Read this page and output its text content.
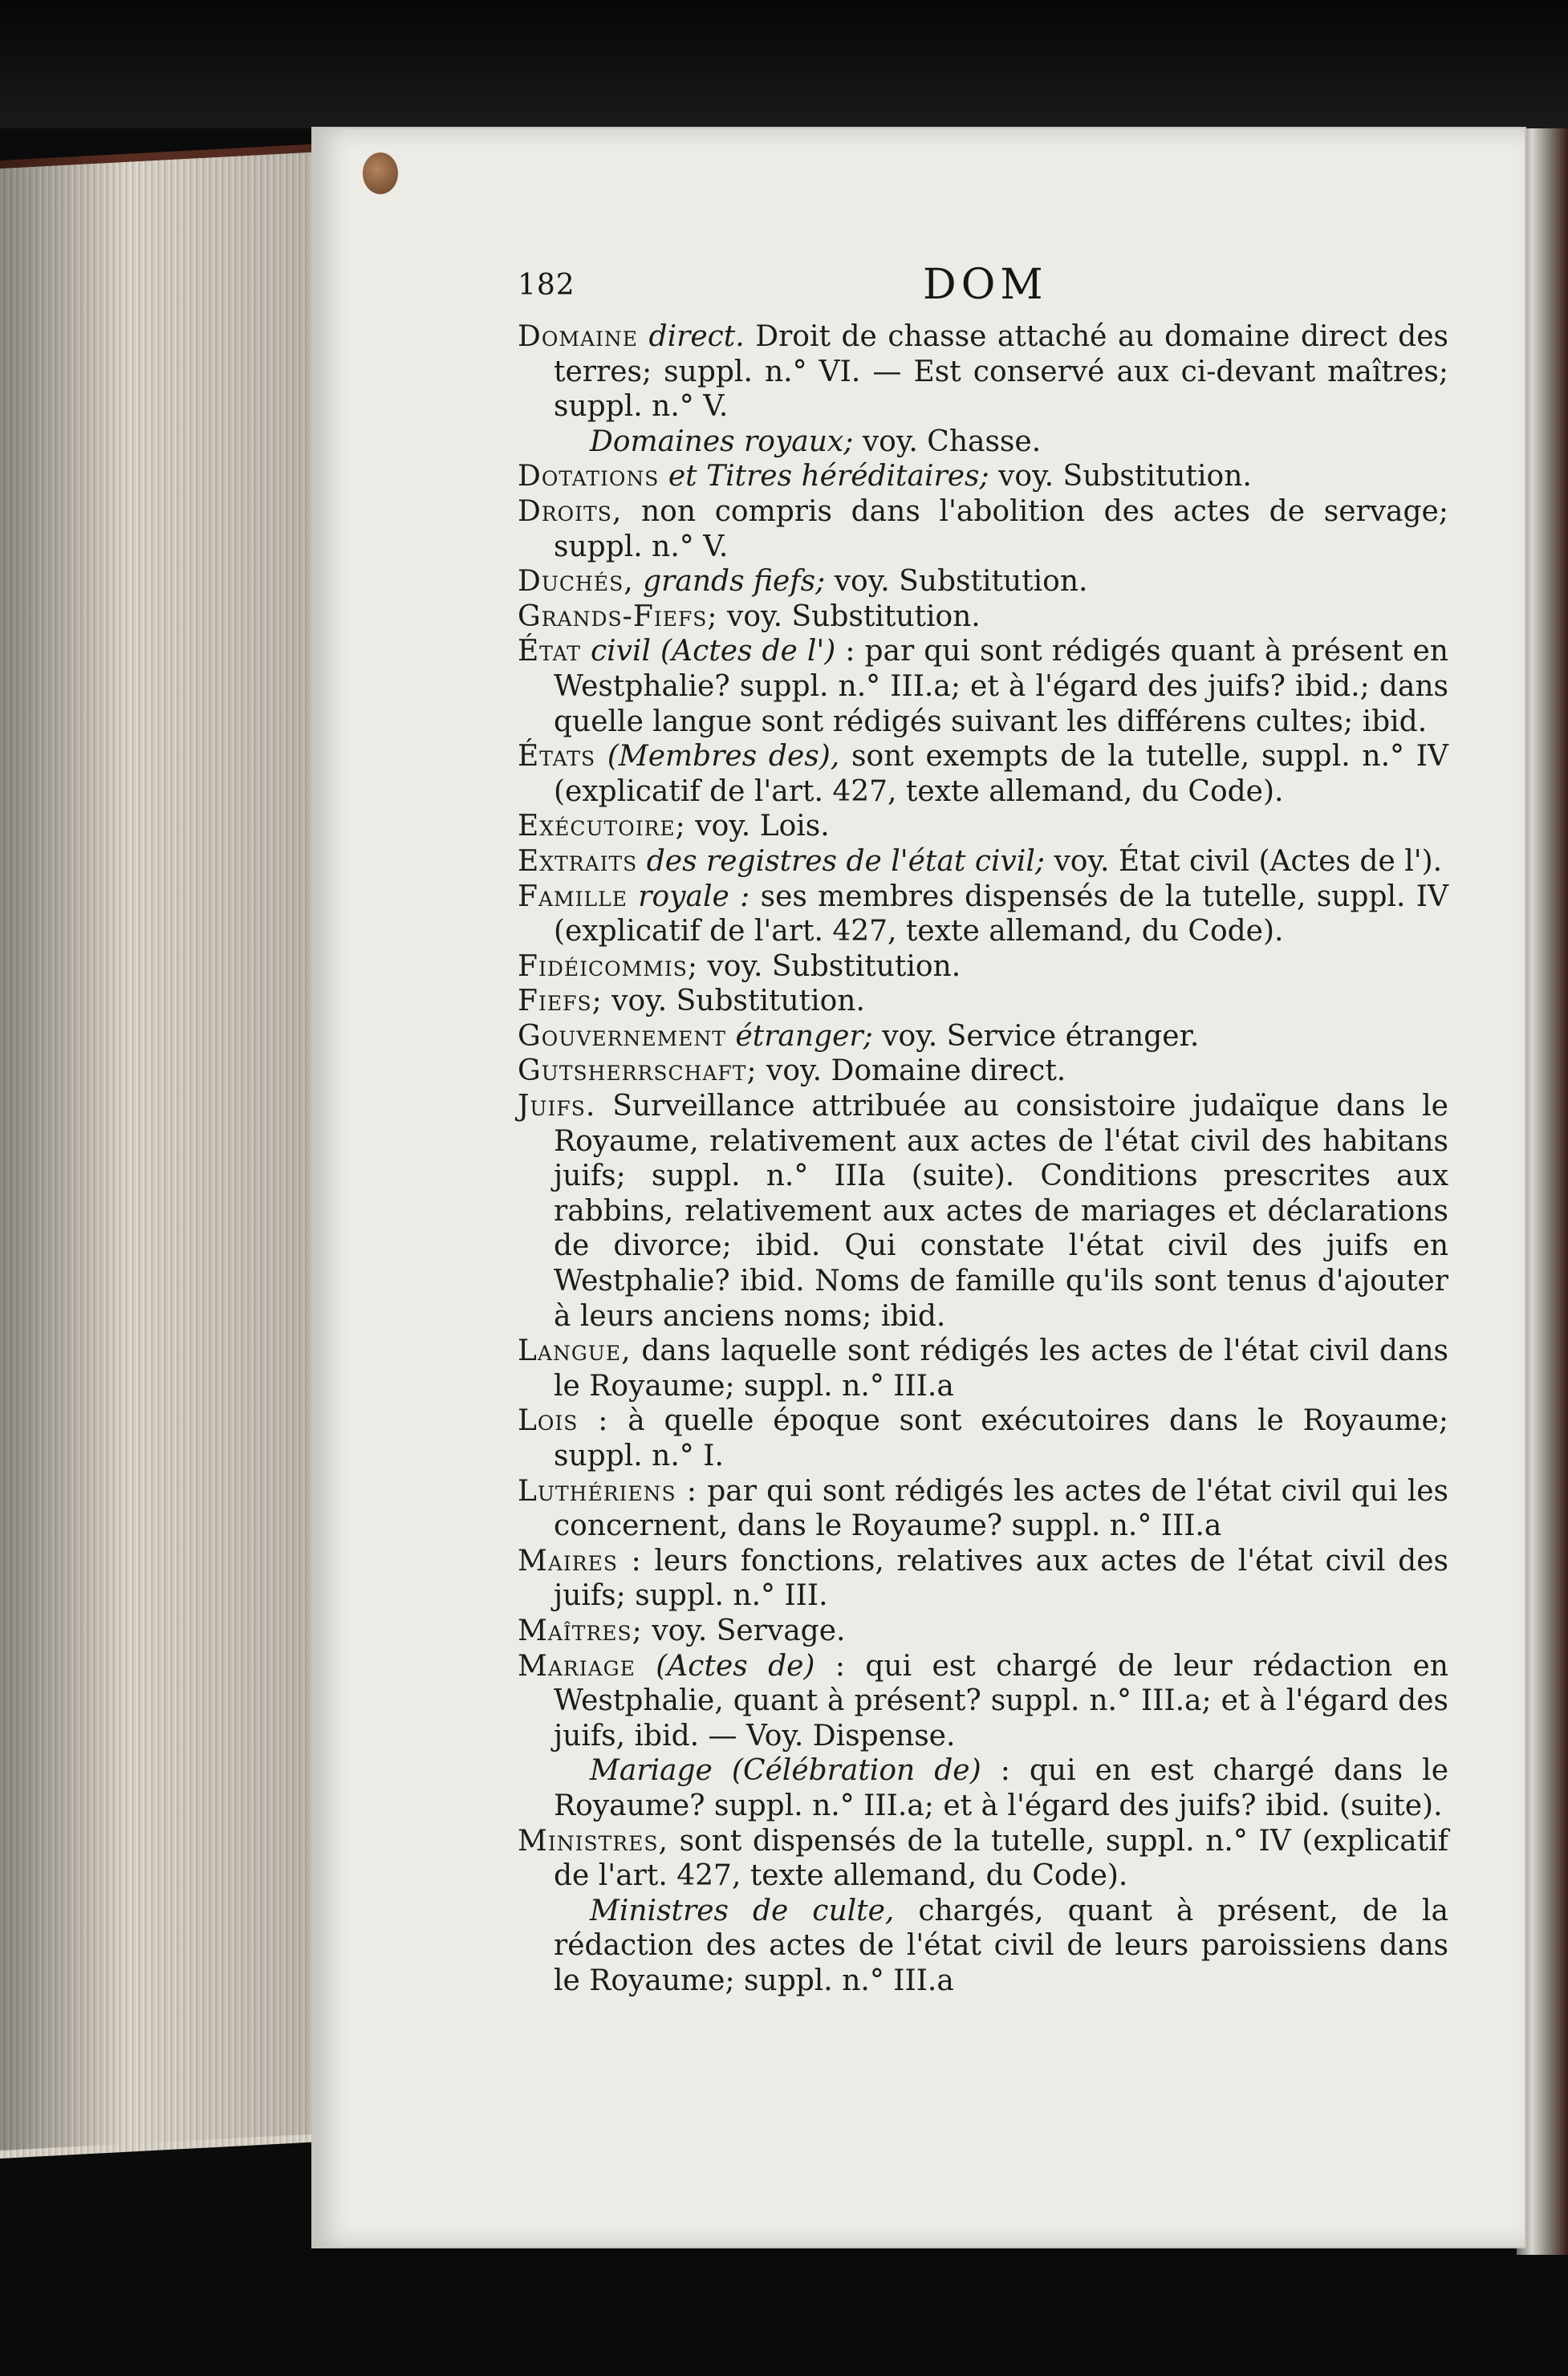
182	DOM

Domaine direct. Droit de chasse attaché au domaine direct des terres; suppl. n.° VI. — Est conservé aux ci-devant maîtres; suppl. n.° V.

Domaines royaux; voy. Chasse.

Dotations et Titres héréditaires; voy. Substitution.

Droits, non compris dans l'abolition des actes de servage; suppl. n.° V.

Duchés, grands fiefs; voy. Substitution.

Grands-Fiefs; voy. Substitution.

État civil (Actes de l') : par qui sont rédigés quant à présent en Westphalie? suppl. n.° III.a; et à l'égard des juifs? ibid.; dans quelle langue sont rédigés suivant les différens cultes; ibid.

États (Membres des), sont exempts de la tutelle, suppl. n.° IV (explicatif de l'art. 427, texte allemand, du Code).

Exécutoire; voy. Lois.

Extraits des registres de l'état civil; voy. État civil (Actes de l').

Famille royale : ses membres dispensés de la tutelle, suppl. IV (explicatif de l'art. 427, texte allemand, du Code).

Fidéicommis; voy. Substitution.

Fiefs; voy. Substitution.

Gouvernement étranger; voy. Service étranger.

Gutsherrschaft; voy. Domaine direct.

Juifs. Surveillance attribuée au consistoire judaïque dans le Royaume, relativement aux actes de l'état civil des habitans juifs; suppl. n.° IIIa (suite). Conditions prescrites aux rabbins, relativement aux actes de mariages et déclarations de divorce; ibid. Qui constate l'état civil des juifs en Westphalie? ibid. Noms de famille qu'ils sont tenus d'ajouter à leurs anciens noms; ibid.

Langue, dans laquelle sont rédigés les actes de l'état civil dans le Royaume; suppl. n.° III.a

Lois : à quelle époque sont exécutoires dans le Royaume; suppl. n.° I.

Luthériens : par qui sont rédigés les actes de l'état civil qui les concernent, dans le Royaume? suppl. n.° III.a

Maires : leurs fonctions, relatives aux actes de l'état civil des juifs; suppl. n.° III.

Maîtres; voy. Servage.

Mariage (Actes de) : qui est chargé de leur rédaction en Westphalie, quant à présent? suppl. n.° III.a; et à l'égard des juifs, ibid. — Voy. Dispense.

Mariage (Célébration de) : qui en est chargé dans le Royaume? suppl. n.° III.a; et à l'égard des juifs? ibid. (suite).

Ministres, sont dispensés de la tutelle, suppl. n.° IV (explicatif de l'art. 427, texte allemand, du Code).

Ministres de culte, chargés, quant à présent, de la rédaction des actes de l'état civil de leurs paroissiens dans le Royaume; suppl. n.° III.a
